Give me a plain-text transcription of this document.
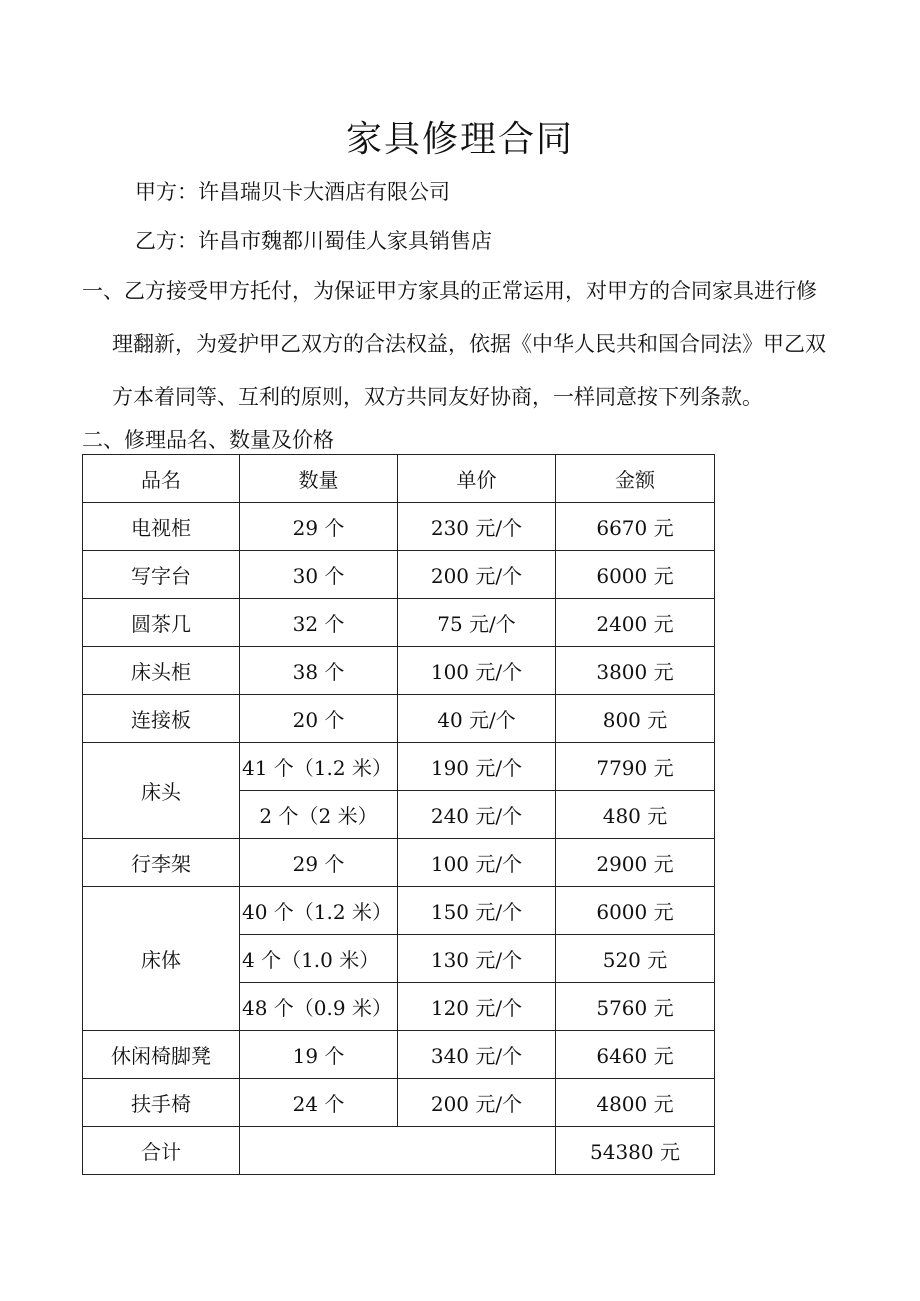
家具修理合同
甲方：许昌瑞贝卡大酒店有限公司
乙方：许昌市魏都川蜀佳人家具销售店
一、乙方接受甲方托付，为保证甲方家具的正常运用，对甲方的合同家具进行修
理翻新，为爱护甲乙双方的合法权益，依据《中华人民共和国合同法》甲乙双
方本着同等、互利的原则，双方共同友好协商，一样同意按下列条款。
二、修理品名、数量及价格
品名	数量	单价	金额
电视柜	29 个	230 元/个	6670 元
写字台	30 个	200 元/个	6000 元
圆茶几	32 个	75 元/个	2400 元
床头柜	38 个	100 元/个	3800 元
连接板	20 个	40 元/个	800 元
床头	41 个（1.2 米）	190 元/个	7790 元
	2 个（2 米）	240 元/个	480 元
行李架	29 个	100 元/个	2900 元
床体	40 个（1.2 米）	150 元/个	6000 元
	4 个（1.0 米）	130 元/个	520 元
	48 个（0.9 米）	120 元/个	5760 元
休闲椅脚凳	19 个	340 元/个	6460 元
扶手椅	24 个	200 元/个	4800 元
合计			54380 元
